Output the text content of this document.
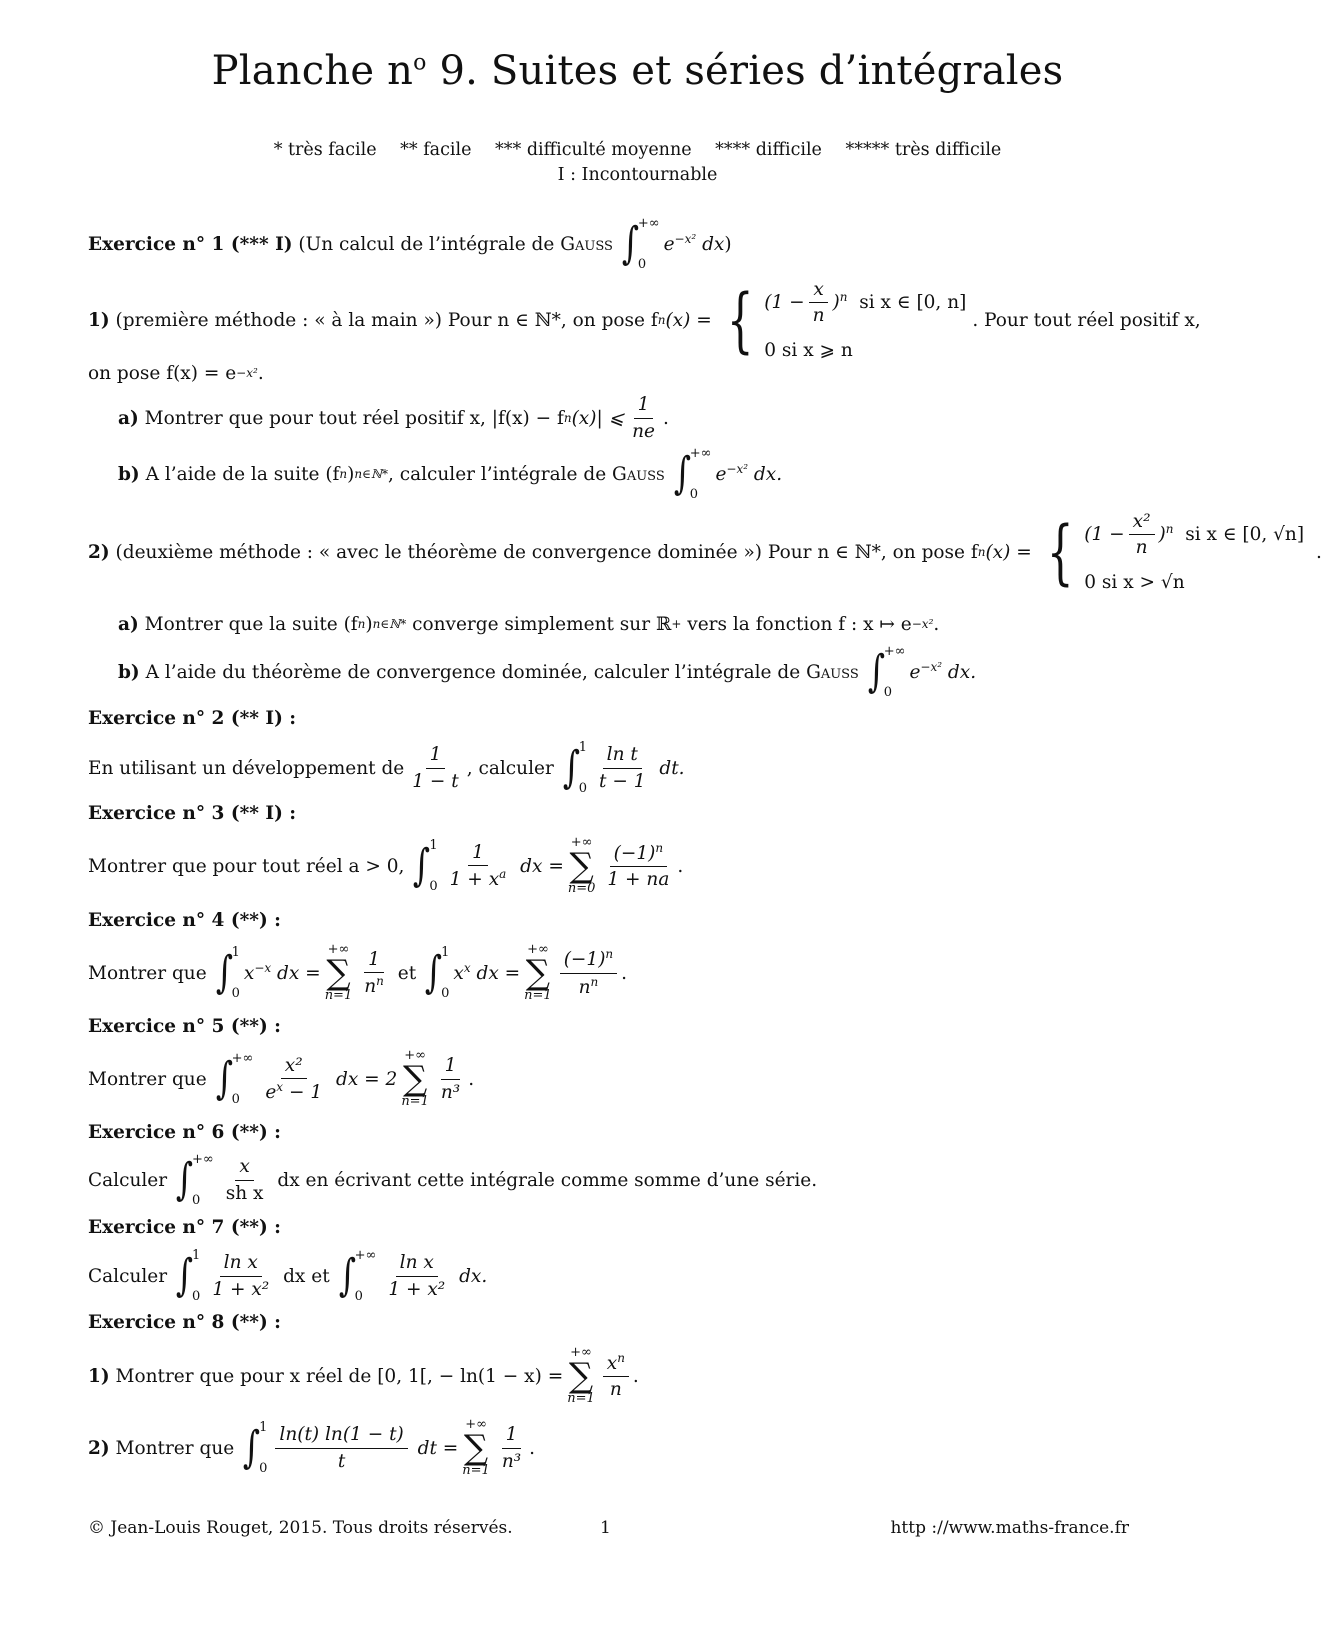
Planche $n^o$ 9. Suites et séries d’intégrales
* très facile ** facile *** difficulté moyenne **** difficile ***** très difficile
I : Incontournable
Exercice n° 1 (*** I)
(Un calcul de l’intégrale de
Gauss ∫
+∞
0
$e^{-x^2}$ dx )
1)
(première méthode : « à la main ») Pour n ∈ ℕ*, on pose f n (x) = { $(1 - \frac{x}{n} )^n$ si x ∈ [0, n]
0 si x ⩾ n
. Pour tout réel positif x,
on pose f(x) = e −x² .
a)
Montrer que pour tout réel positif x, |f(x) − f n (x)| ⩽
1
ne
.
b)
A l’aide de la suite (f n ) n∈ℕ* , calculer l’intégrale de
Gauss ∫
+∞
0
$e^{-x^2}$ dx.
2)
(deuxième méthode : « avec le théorème de convergence dominée ») Pour n ∈ ℕ*, on pose f n (x) = { $(1 - \frac{\text{x²}}{n} )^n$ si x ∈ [0, √n]
0 si x > √n
.
a)
Montrer que la suite (f n ) n∈ℕ*
converge simplement sur ℝ +
vers la fonction f : x ↦ e −x² .
b)
A l’aide du théorème de convergence dominée, calculer l’intégrale de
Gauss ∫
+∞
0
$e^{-x^2}$ dx.
Exercice n° 2 (** I) :
En utilisant un développement de
1
1 − t
, calculer ∫
1
0
ln t
t − 1
dt.
Exercice n° 3 (** I) :
Montrer que pour tout réel a > 0, ∫
1
0
1
$1 + x^a$ dx =
+∞
∑
n=0
$(-1)^n$
1 + na
.
Exercice n° 4 (**) :
Montrer que ∫
1
0
$x^{-x}$ dx =
+∞
∑
n=1
1
$n^n$
et ∫
1
0
$x^x$ dx =
+∞
∑
n=1
$(-1)^n$
$n^n$ .
Exercice n° 5 (**) :
Montrer que ∫
+∞
0
x²
$e^x - 1$
dx = 2
+∞
∑
n=1
1
n³
.
Exercice n° 6 (**) :
Calculer ∫
+∞
0
x
sh x

dx en écrivant cette intégrale comme somme d’une série.
Exercice n° 7 (**) :
Calculer ∫
1
0
ln x
1 + x²

dx et ∫
+∞
0
ln x
1 + x²
dx.
Exercice n° 8 (**) :
1)
Montrer que pour x réel de [0, 1[, − ln(1 − x) =
+∞
∑
n=1
$x^n$
n
.
2)
Montrer que ∫
1
0
ln(t) ln(1 − t)
t
dt =
+∞
∑
n=1
1
n³
.
© Jean-Louis Rouget, 2015. Tous droits réservés.	1	http ://www.maths-france.fr
